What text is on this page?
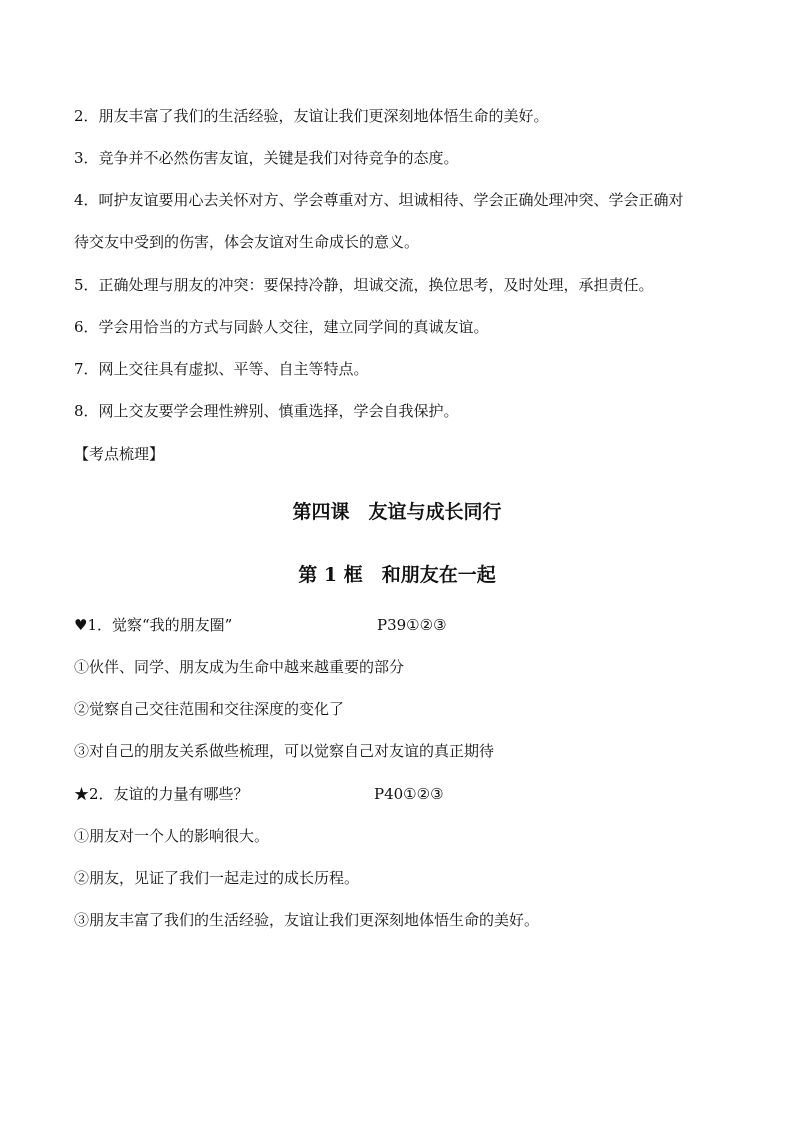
2．朋友丰富了我们的生活经验，友谊让我们更深刻地体悟生命的美好。
3．竞争并不必然伤害友谊，关键是我们对待竞争的态度。
4．呵护友谊要用心去关怀对方、学会尊重对方、坦诚相待、学会正确处理冲突、学会正确对
待交友中受到的伤害，体会友谊对生命成长的意义。
5．正确处理与朋友的冲突：要保持冷静，坦诚交流，换位思考，及时处理，承担责任。
6．学会用恰当的方式与同龄人交往，建立同学间的真诚友谊。
7．网上交往具有虚拟、平等、自主等特点。
8．网上交友要学会理性辨别、慎重选择，学会自我保护。
【考点梳理】
第四课　友谊与成长同行
第 1 框　和朋友在一起
♥1．觉察“我的朋友圈”	P39①②③
①伙伴、同学、朋友成为生命中越来越重要的部分
②觉察自己交往范围和交往深度的变化了
③对自己的朋友关系做些梳理，可以觉察自己对友谊的真正期待
★2．友谊的力量有哪些？	P40①②③
①朋友对一个人的影响很大。
②朋友，见证了我们一起走过的成长历程。
③朋友丰富了我们的生活经验，友谊让我们更深刻地体悟生命的美好。
